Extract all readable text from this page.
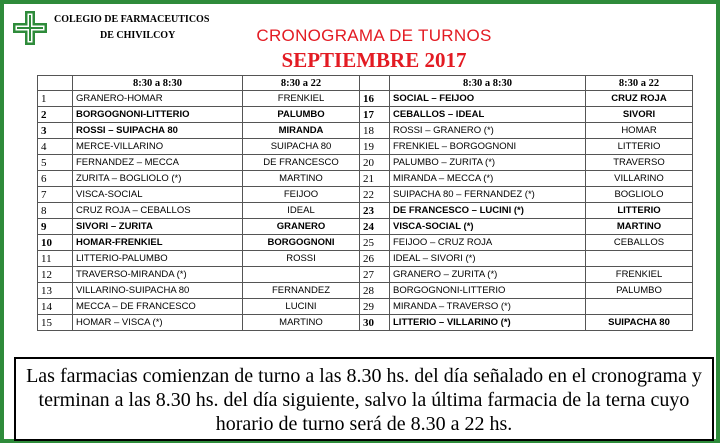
COLEGIO DE FARMACEUTICOS
DE CHIVILCOY	CRONOGRAMA DE TURNOS
SEPTIEMBRE 2017
	8:30 a 8:30	8:30 a 22		8:30 a 8:30	8:30 a 22
1	GRANERO-HOMAR	FRENKIEL	16	SOCIAL – FEIJOO	CRUZ ROJA
2	BORGOGNONI-LITTERIO	PALUMBO	17	CEBALLOS – IDEAL	SIVORI
3	ROSSI – SUIPACHA 80	MIRANDA	18	ROSSI – GRANERO (*)	HOMAR
4	MERCE-VILLARINO	SUIPACHA 80	19	FRENKIEL – BORGOGNONI	LITTERIO
5	FERNANDEZ – MECCA	DE FRANCESCO	20	PALUMBO – ZURITA (*)	TRAVERSO
6	ZURITA – BOGLIOLO (*)	MARTINO	21	MIRANDA – MECCA (*)	VILLARINO
7	VISCA-SOCIAL	FEIJOO	22	SUIPACHA 80 – FERNANDEZ (*)	BOGLIOLO
8	CRUZ ROJA – CEBALLOS	IDEAL	23	DE FRANCESCO – LUCINI (*)	LITTERIO
9	SIVORI – ZURITA	GRANERO	24	VISCA-SOCIAL (*)	MARTINO
10	HOMAR-FRENKIEL	BORGOGNONI	25	FEIJOO – CRUZ ROJA	CEBALLOS
11	LITTERIO-PALUMBO	ROSSI	26	IDEAL – SIVORI (*)	
12	TRAVERSO-MIRANDA (*)		27	GRANERO – ZURITA (*)	FRENKIEL
13	VILLARINO-SUIPACHA 80	FERNANDEZ	28	BORGOGNONI-LITTERIO	PALUMBO
14	MECCA – DE FRANCESCO	LUCINI	29	MIRANDA – TRAVERSO (*)	
15	HOMAR – VISCA (*)	MARTINO	30	LITTERIO – VILLARINO (*)	SUIPACHA 80
Las farmacias comienzan de turno a las 8.30 hs. del día señalado en el cronograma y terminan a las 8.30 hs. del día siguiente, salvo la última farmacia de la terna cuyo horario de turno será de 8.30 a 22 hs.
